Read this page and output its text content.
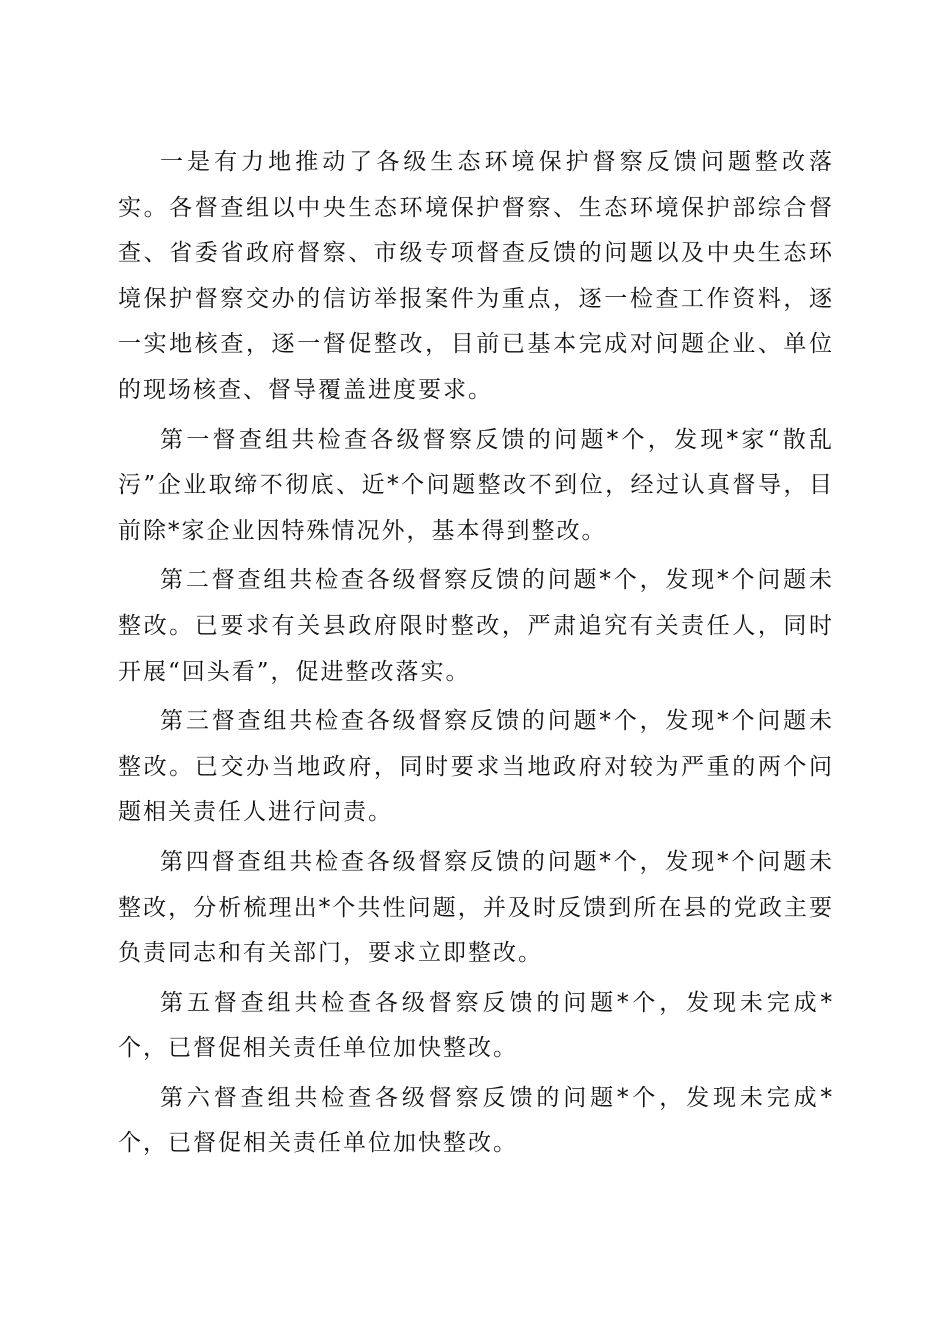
一是有力地推动了各级生态环境保护督察反馈问题整改落实。各督查组以中央生态环境保护督察、生态环境保护部综合督查、省委省政府督察、市级专项督查反馈的问题以及中央生态环境保护督察交办的信访举报案件为重点，逐一检查工作资料，逐一实地核查，逐一督促整改，目前已基本完成对问题企业、单位的现场核查、督导覆盖进度要求。

第一督查组共检查各级督察反馈的问题*个，发现*家“散乱污”企业取缔不彻底、近*个问题整改不到位，经过认真督导，目前除*家企业因特殊情况外，基本得到整改。

第二督查组共检查各级督察反馈的问题*个，发现*个问题未整改。已要求有关县政府限时整改，严肃追究有关责任人，同时开展“回头看”，促进整改落实。

第三督查组共检查各级督察反馈的问题*个，发现*个问题未整改。已交办当地政府，同时要求当地政府对较为严重的两个问题相关责任人进行问责。

第四督查组共检查各级督察反馈的问题*个，发现*个问题未整改，分析梳理出*个共性问题，并及时反馈到所在县的党政主要负责同志和有关部门，要求立即整改。

第五督查组共检查各级督察反馈的问题*个，发现未完成*个，已督促相关责任单位加快整改。

第六督查组共检查各级督察反馈的问题*个，发现未完成*个，已督促相关责任单位加快整改。
